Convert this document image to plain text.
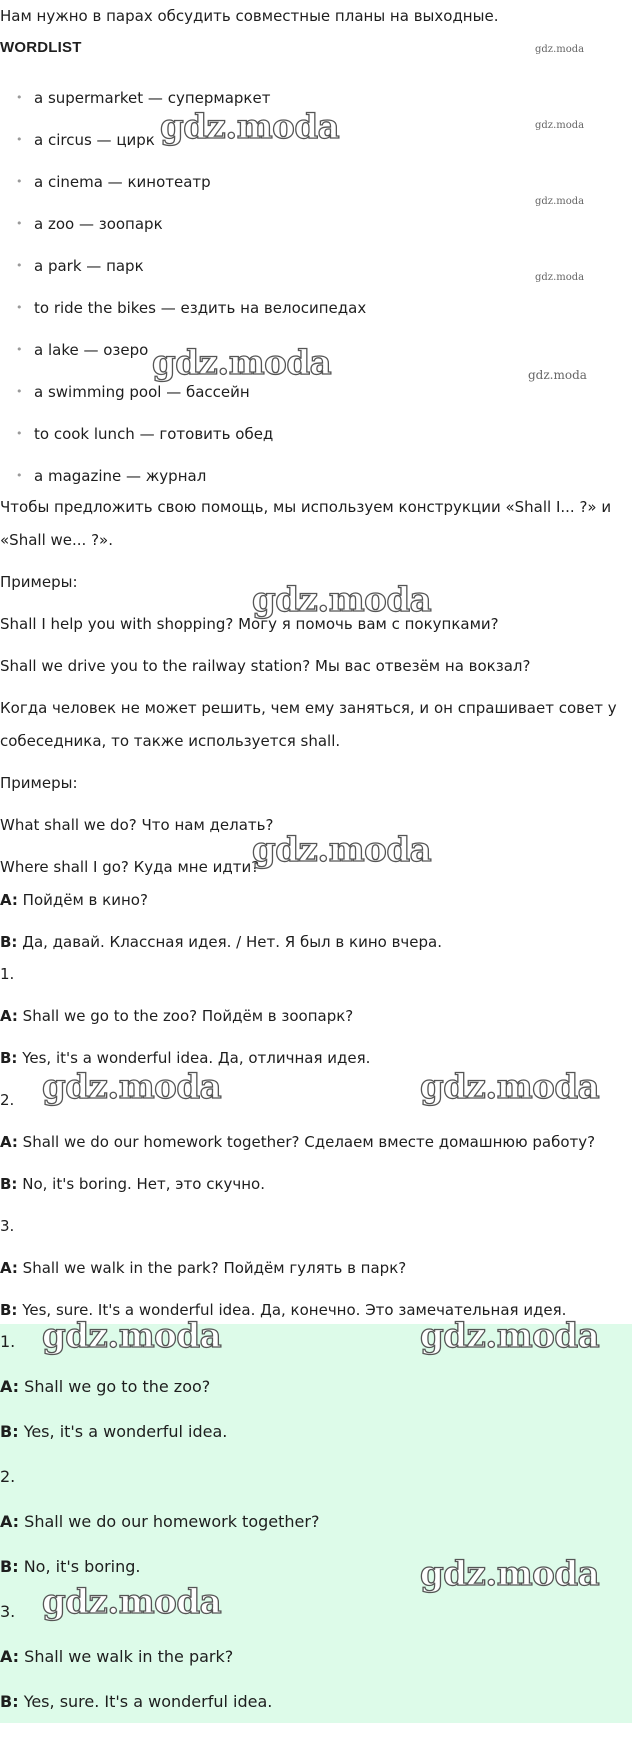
Нам нужно в парах обсудить совместные планы на выходные.
WORDLIST
• a supermarket — супермаркет
• a circus — цирк
• a cinema — кинотеатр
• a zoo — зоопарк
• a park — парк
• to ride the bikes — ездить на велосипедах
• a lake — озеро
• a swimming pool — бассейн
• to cook lunch — готовить обед
• a magazine — журнал
Чтобы предложить свою помощь, мы используем конструкции «Shall I... ?» и
«Shall we... ?».
Примеры:
Shall I help you with shopping? Могу я помочь вам с покупками?
Shall we drive you to the railway station? Мы вас отвезём на вокзал?
Когда человек не может решить, чем ему заняться, и он спрашивает совет у
собеседника, то также используется shall.
Примеры:
What shall we do? Что нам делать?
Where shall I go? Куда мне идти?
A: Пойдём в кино?
B: Да, давай. Классная идея. / Нет. Я был в кино вчера.
1.
A: Shall we go to the zoo? Пойдём в зоопарк?
B: Yes, it's a wonderful idea. Да, отличная идея.
2.
A: Shall we do our homework together? Сделаем вместе домашнюю работу?
B: No, it's boring. Нет, это скучно.
3.
A: Shall we walk in the park? Пойдём гулять в парк?
B: Yes, sure. It's a wonderful idea. Да, конечно. Это замечательная идея.
1.
A: Shall we go to the zoo?
B: Yes, it's a wonderful idea.
2.
A: Shall we do our homework together?
B: No, it's boring.
3.
A: Shall we walk in the park?
B: Yes, sure. It's a wonderful idea.
gdz.moda
gdz.moda
gdz.moda
gdz.moda
gdz.moda
gdz.moda
gdz.moda
gdz.moda
gdz.moda
gdz.moda	gdz.moda
gdz.moda	gdz.moda
gdz.moda
gdz.moda
